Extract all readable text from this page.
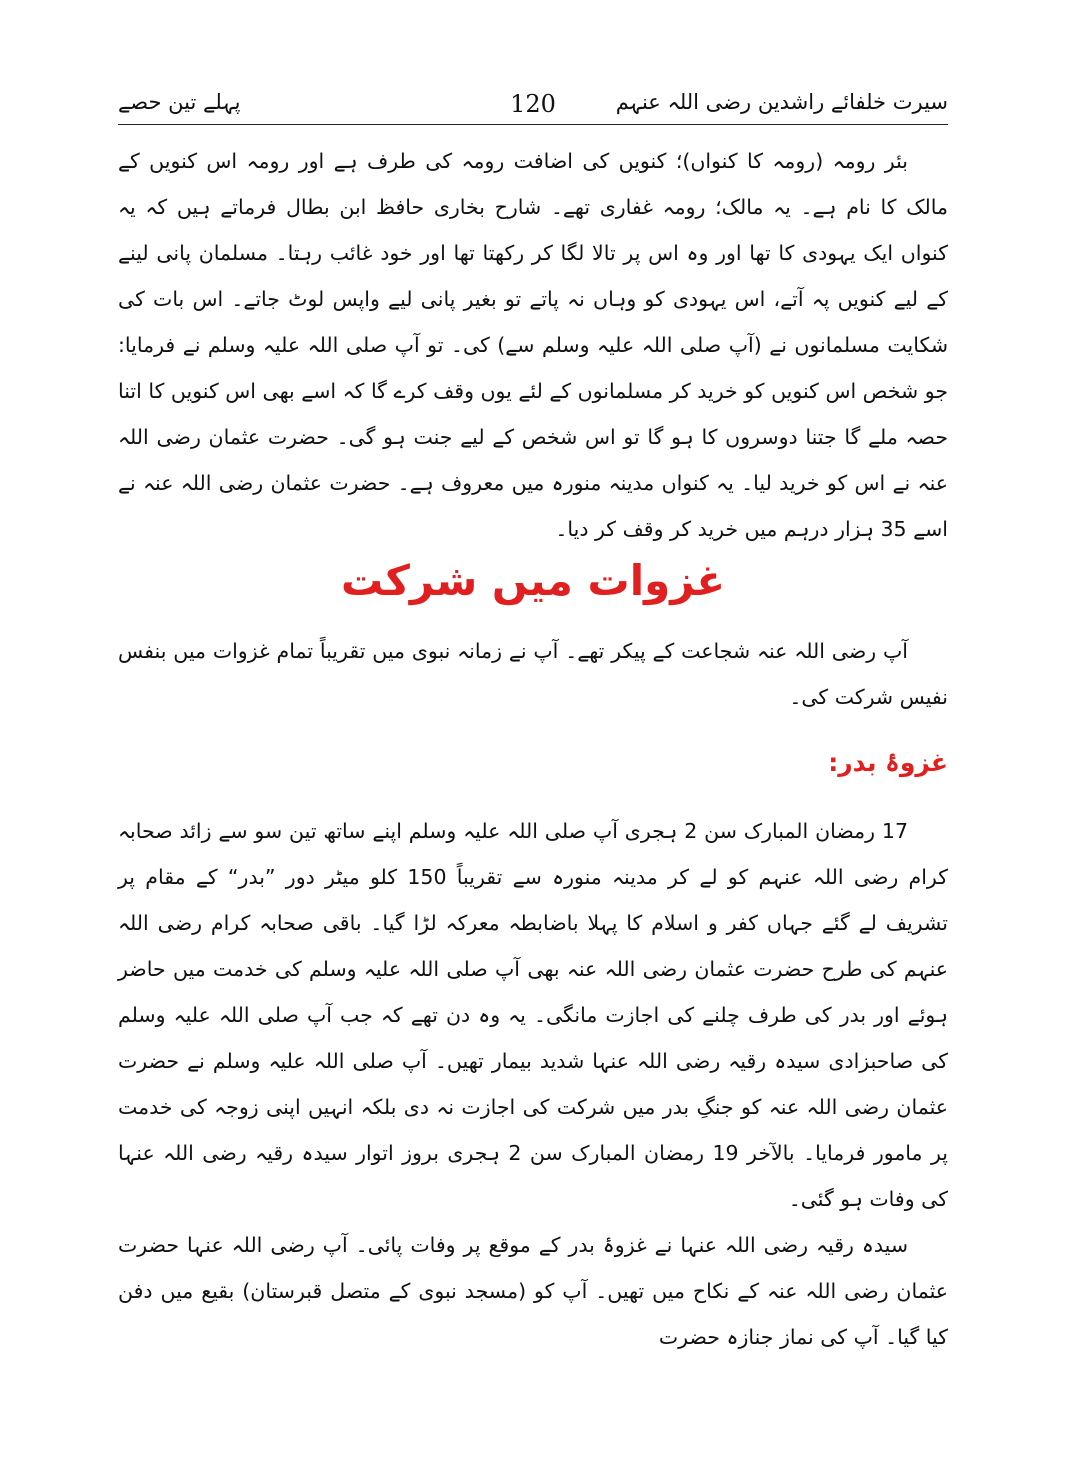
سیرت خلفائے راشدین رضی اللہ عنہم
120
پہلے تین حصے

بئر رومہ (رومہ کا کنواں)؛ کنویں کی اضافت رومہ کی طرف ہے اور رومہ اس کنویں کے مالک کا نام ہے۔ یہ مالک؛ رومہ غفاری تھے۔ شارح بخاری حافظ ابن بطال فرماتے ہیں کہ یہ کنواں ایک یہودی کا تھا اور وہ اس پر تالا لگا کر رکھتا تھا اور خود غائب رہتا۔ مسلمان پانی لینے کے لیے کنویں پہ آتے، اس یہودی کو وہاں نہ پاتے تو بغیر پانی لیے واپس لوٹ جاتے۔ اس بات کی شکایت مسلمانوں نے (آپ صلی اللہ علیہ وسلم سے) کی۔ تو آپ صلی اللہ علیہ وسلم نے فرمایا: جو شخص اس کنویں کو خرید کر مسلمانوں کے لئے یوں وقف کرے گا کہ اسے بھی اس کنویں کا اتنا حصہ ملے گا جتنا دوسروں کا ہو گا تو اس شخص کے لیے جنت ہو گی۔ حضرت عثمان رضی اللہ عنہ نے اس کو خرید لیا۔ یہ کنواں مدینہ منورہ میں معروف ہے۔ حضرت عثمان رضی اللہ عنہ نے اسے 35 ہزار درہم میں خرید کر وقف کر دیا۔

غزوات میں شرکت

آپ رضی اللہ عنہ شجاعت کے پیکر تھے۔ آپ نے زمانہ نبوی میں تقریباً تمام غزوات میں بنفس نفیس شرکت کی۔

غزوۂ بدر:

17 رمضان المبارک سن 2 ہجری آپ صلی اللہ علیہ وسلم اپنے ساتھ تین سو سے زائد صحابہ کرام رضی اللہ عنہم کو لے کر مدینہ منورہ سے تقریباً 150 کلو میٹر دور ”بدر“ کے مقام پر تشریف لے گئے جہاں کفر و اسلام کا پہلا باضابطہ معرکہ لڑا گیا۔ باقی صحابہ کرام رضی اللہ عنہم کی طرح حضرت عثمان رضی اللہ عنہ بھی آپ صلی اللہ علیہ وسلم کی خدمت میں حاضر ہوئے اور بدر کی طرف چلنے کی اجازت مانگی۔ یہ وہ دن تھے کہ جب آپ صلی اللہ علیہ وسلم کی صاحبزادی سیدہ رقیہ رضی اللہ عنہا شدید بیمار تھیں۔ آپ صلی اللہ علیہ وسلم نے حضرت عثمان رضی اللہ عنہ کو جنگِ بدر میں شرکت کی اجازت نہ دی بلکہ انہیں اپنی زوجہ کی خدمت پر مامور فرمایا۔ بالآخر 19 رمضان المبارک سن 2 ہجری بروز اتوار سیدہ رقیہ رضی اللہ عنہا کی وفات ہو گئی۔

سیدہ رقیہ رضی اللہ عنہا نے غزوۂ بدر کے موقع پر وفات پائی۔ آپ رضی اللہ عنہا حضرت عثمان رضی اللہ عنہ کے نکاح میں تھیں۔ آپ کو (مسجد نبوی کے متصل قبرستان) بقیع میں دفن کیا گیا۔ آپ کی نماز جنازہ حضرت
